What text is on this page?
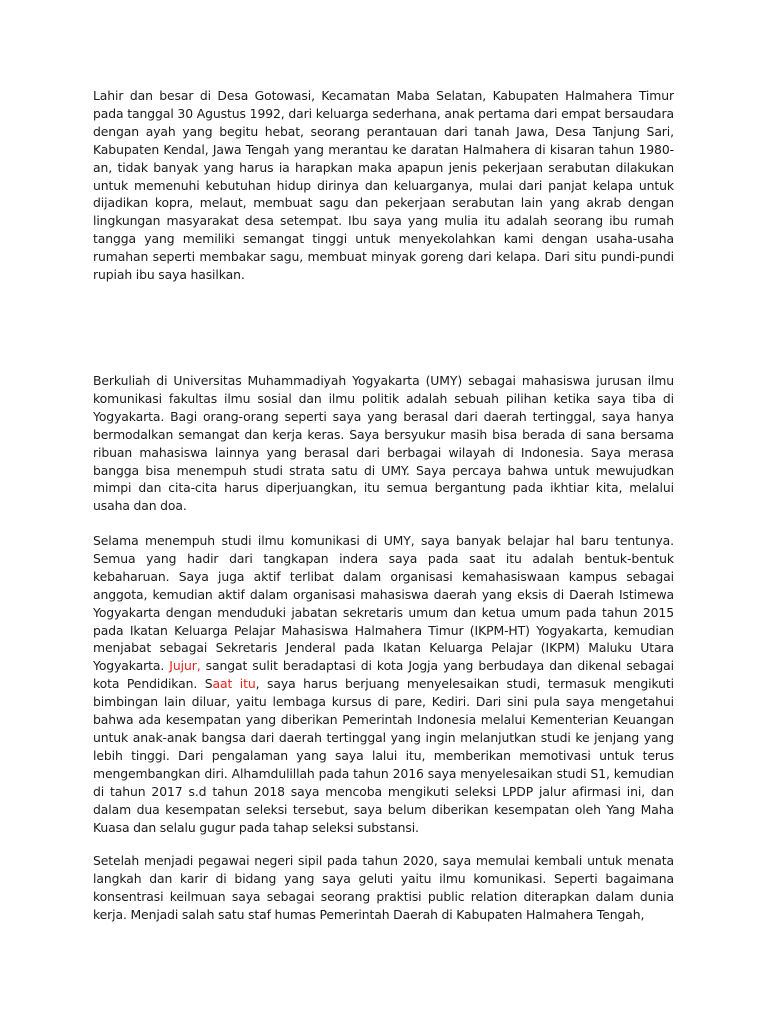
Lahir dan besar di Desa Gotowasi, Kecamatan Maba Selatan, Kabupaten Halmahera Timur pada tanggal 30 Agustus 1992, dari keluarga sederhana, anak pertama dari empat bersaudara dengan ayah yang begitu hebat, seorang perantauan dari tanah Jawa, Desa Tanjung Sari, Kabupaten Kendal, Jawa Tengah yang merantau ke daratan Halmahera di kisaran tahun 1980-an, tidak banyak yang harus ia harapkan maka apapun jenis pekerjaan serabutan dilakukan untuk memenuhi kebutuhan hidup dirinya dan keluarganya, mulai dari panjat kelapa untuk dijadikan kopra, melaut, membuat sagu dan pekerjaan serabutan lain yang akrab dengan lingkungan masyarakat desa setempat. Ibu saya yang mulia itu adalah seorang ibu rumah tangga yang memiliki semangat tinggi untuk menyekolahkan kami dengan usaha-usaha rumahan seperti membakar sagu, membuat minyak goreng dari kelapa. Dari situ pundi-pundi rupiah ibu saya hasilkan.

Berkuliah di Universitas Muhammadiyah Yogyakarta (UMY) sebagai mahasiswa jurusan ilmu komunikasi fakultas ilmu sosial dan ilmu politik adalah sebuah pilihan ketika saya tiba di Yogyakarta. Bagi orang-orang seperti saya yang berasal dari daerah tertinggal, saya hanya bermodalkan semangat dan kerja keras. Saya bersyukur masih bisa berada di sana bersama ribuan mahasiswa lainnya yang berasal dari berbagai wilayah di Indonesia. Saya merasa bangga bisa menempuh studi strata satu di UMY. Saya percaya bahwa untuk mewujudkan mimpi dan cita-cita harus diperjuangkan, itu semua bergantung pada ikhtiar kita, melalui usaha dan doa.

Selama menempuh studi ilmu komunikasi di UMY, saya banyak belajar hal baru tentunya. Semua yang hadir dari tangkapan indera saya pada saat itu adalah bentuk-bentuk kebaharuan. Saya juga aktif terlibat dalam organisasi kemahasiswaan kampus sebagai anggota, kemudian aktif dalam organisasi mahasiswa daerah yang eksis di Daerah Istimewa Yogyakarta dengan menduduki jabatan sekretaris umum dan ketua umum pada tahun 2015 pada Ikatan Keluarga Pelajar Mahasiswa Halmahera Timur (IKPM-HT) Yogyakarta, kemudian menjabat sebagai Sekretaris Jenderal pada Ikatan Keluarga Pelajar (IKPM) Maluku Utara Yogyakarta. Jujur, sangat sulit beradaptasi di kota Jogja yang berbudaya dan dikenal sebagai kota Pendidikan. Saat itu, saya harus berjuang menyelesaikan studi, termasuk mengikuti bimbingan lain diluar, yaitu lembaga kursus di pare, Kediri. Dari sini pula saya mengetahui bahwa ada kesempatan yang diberikan Pemerintah Indonesia melalui Kementerian Keuangan untuk anak-anak bangsa dari daerah tertinggal yang ingin melanjutkan studi ke jenjang yang lebih tinggi. Dari pengalaman yang saya lalui itu, memberikan memotivasi untuk terus mengembangkan diri. Alhamdulillah pada tahun 2016 saya menyelesaikan studi S1, kemudian di tahun 2017 s.d tahun 2018 saya mencoba mengikuti seleksi LPDP jalur afirmasi ini, dan dalam dua kesempatan seleksi tersebut, saya belum diberikan kesempatan oleh Yang Maha Kuasa dan selalu gugur pada tahap seleksi substansi.

Setelah menjadi pegawai negeri sipil pada tahun 2020, saya memulai kembali untuk menata langkah dan karir di bidang yang saya geluti yaitu ilmu komunikasi. Seperti bagaimana konsentrasi keilmuan saya sebagai seorang praktisi public relation diterapkan dalam dunia kerja. Menjadi salah satu staf humas Pemerintah Daerah di Kabupaten Halmahera Tengah,
